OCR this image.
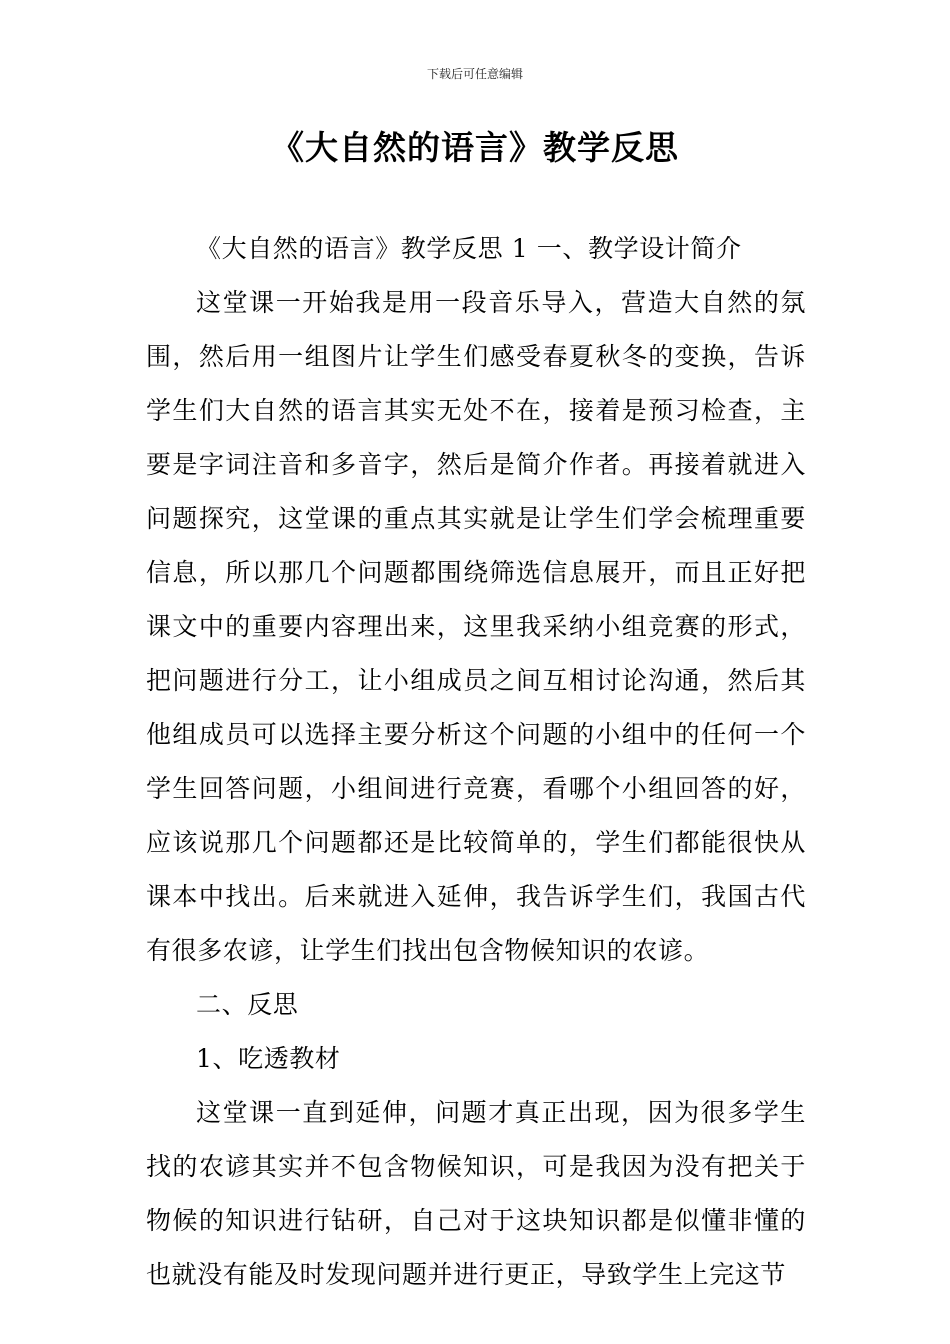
下载后可任意编辑
《大自然的语言》教学反思

《大自然的语言》教学反思 1 一、教学设计简介

这堂课一开始我是用一段音乐导入，营造大自然的氛围，然后用一组图片让学生们感受春夏秋冬的变换，告诉学生们大自然的语言其实无处不在，接着是预习检查，主要是字词注音和多音字，然后是简介作者。再接着就进入问题探究，这堂课的重点其实就是让学生们学会梳理重要信息，所以那几个问题都围绕筛选信息展开，而且正好把课文中的重要内容理出来，这里我采纳小组竞赛的形式，把问题进行分工，让小组成员之间互相讨论沟通，然后其他组成员可以选择主要分析这个问题的小组中的任何一个学生回答问题，小组间进行竞赛，看哪个小组回答的好，应该说那几个问题都还是比较简单的，学生们都能很快从课本中找出。后来就进入延伸，我告诉学生们，我国古代有很多农谚，让学生们找出包含物候知识的农谚。

二、反思

1、吃透教材

这堂课一直到延伸，问题才真正出现，因为很多学生找的农谚其实并不包含物候知识，可是我因为没有把关于物候的知识进行钻研，自己对于这块知识都是似懂非懂的也就没有能及时发现问题并进行更正，导致学生上完这节
